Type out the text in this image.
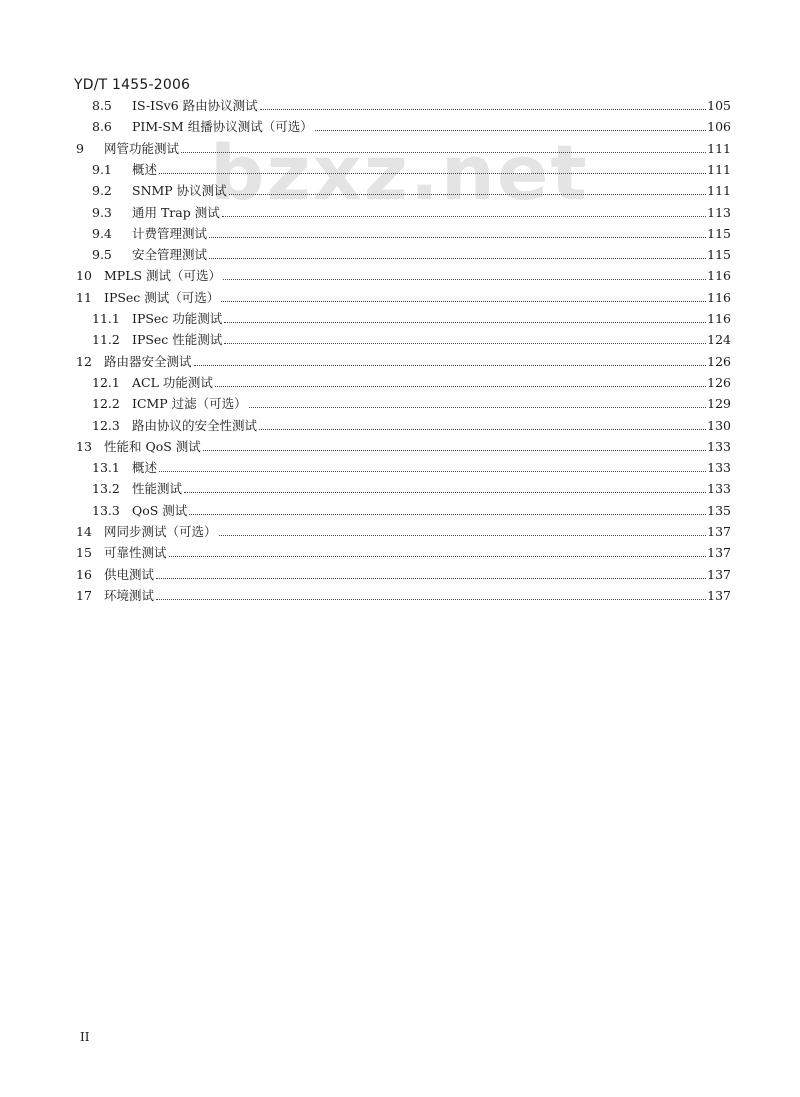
YD/T 1455-2006
bzxz.net
8.5	IS-ISv6 路由协议测试	105
8.6	PIM-SM 组播协议测试（可选）	106
9	网管功能测试	111
9.1	概述	111
9.2	SNMP 协议测试	111
9.3	通用 Trap 测试	113
9.4	计费管理测试	115
9.5	安全管理测试	115
10 MPLS 测试（可选）	116
11 IPSec 测试（可选）	116
11.1 IPSec 功能测试	116
11.2 IPSec 性能测试	124
12 路由器安全测试	126
12.1 ACL 功能测试	126
12.2 ICMP 过滤（可选）	129
12.3 路由协议的安全性测试	130
13 性能和 QoS 测试	133
13.1 概述	133
13.2 性能测试	133
13.3 QoS 测试	135
14 网同步测试（可选）	137
15 可靠性测试	137
16 供电测试	137
17 环境测试	137
II
